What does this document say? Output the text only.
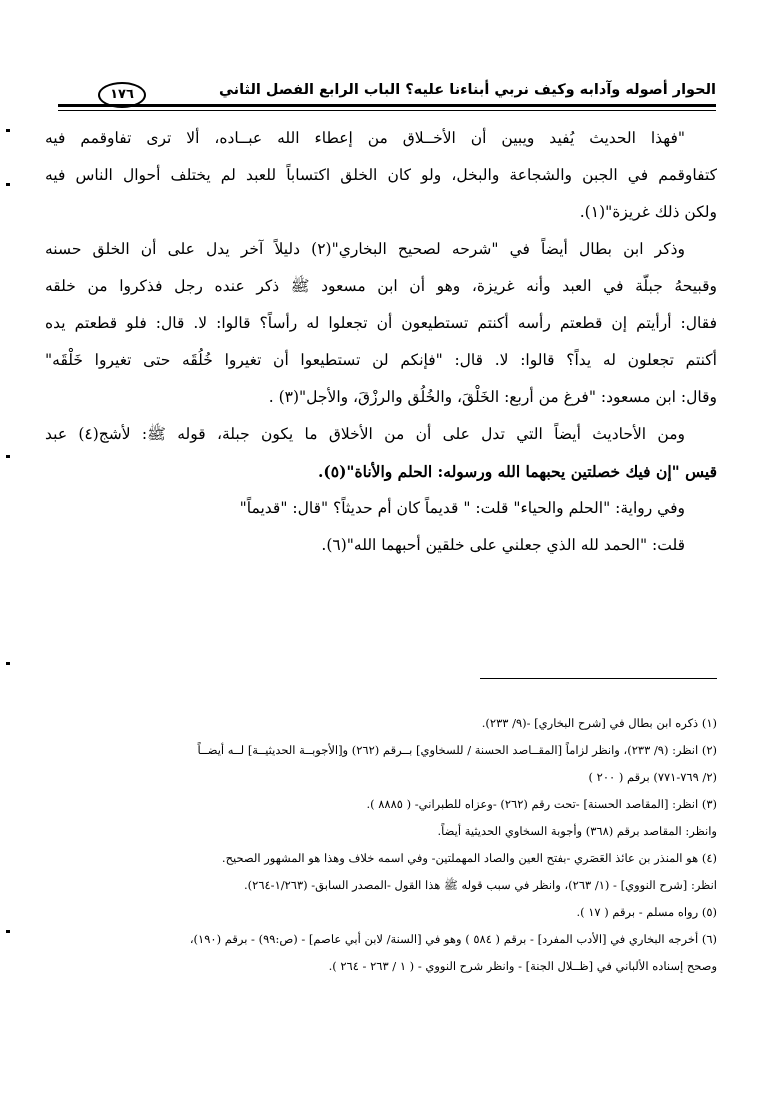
الحوار أصوله وآدابه وكيف نربي أبناءنا عليه؟ الباب الرابع الفصل الثاني
١٧٦
"فهذا الحديث يُفيد ويبين أن الأخــلاق من إعطاء الله عبــاده، ألا ترى تفاوقمم فيه
كتفاوقمم في الجبن والشجاعة والبخل، ولو كان الخلق اكتساباً للعبد لم يختلف أحوال الناس فيه
ولكن ذلك غريزة"(١).
وذكر ابن بطال أيضاً في "شرحه لصحيح البخاري"(٢) دليلاً آخر يدل على أن الخلق حسنه
وقبيحهُ جبلّة في العبد وأنه غريزة، وهو أن ابن مسعود ﷺ ذكر عنده رجل فذكروا من خلقه
فقال: أرأيتم إن قطعتم رأسه أكنتم تستطيعون أن تجعلوا له رأساً؟ قالوا: لا. قال: فلو قطعتم يده
أكنتم تجعلون له يداً؟ قالوا: لا. قال: "فإنكم لن تستطيعوا أن تغيروا خُلُقَه حتى تغيروا خَلْقَه"
وقال: ابن مسعود: "فرغ من أربع: الخَلْقَ، والخُلُق والرزْقَ، والأجل"(٣) .
ومن الأحاديث أيضاً التي تدل على أن من الأخلاق ما يكون جبلة، قوله ﷺ: لأشج(٤) عبد
قيس "إن فيك خصلتين يحبهما الله ورسوله: الحلم والأناة"(٥).
وفي رواية: "الحلم والحياء" قلت: " قديماً كان أم حديثاً؟ "قال: "قديماً"
قلت: "الحمد لله الذي جعلني على خلقين أحبهما الله"(٦).
(١) ذكره ابن بطال في [شرح البخاري] -(٩/ ٢٣٣).
(٢) انظر: (٩/ ٢٣٣)، وانظر لزاماً [المقــاصد الحسنة / للسخاوي] بــرقم (٢٦٢) و[الأجوبــة الحديثيــة] لــه أيضــاً
(٢/ ٧٦٩-٧٧١) برقم ( ٢٠٠ )
(٣) انظر: [المقاصد الحسنة] -تحت رقم (٢٦٢) -وعزاه للطبراني- ( ٨٨٨٥ ).
وانظر: المقاصد برقم (٣٦٨) وأجوبة السخاوي الحديثية أيضاً.
(٤) هو المنذر بن عائذ العَصَري -بفتح العين والصاد المهملتين- وفي اسمه خلاف وهذا هو المشهور الصحيح.
انظر: [شرح النووي] - (١/ ٢٦٣)، وانظر في سبب قوله ﷺ هذا القول -المصدر السابق- (١/٢٦٣-٢٦٤).
(٥) رواه مسلم - برقم ( ١٧ ).
(٦) أخرجه البخاري في [الأدب المفرد] - برقم ( ٥٨٤ ) وهو في [السنة/ لابن أبي عاصم] - (ص:٩٩) - برقم (١٩٠)،
وصحح إسناده الألباني في [ظــلال الجنة] - وانظر شرح النووي - ( ١ / ٢٦٣ - ٢٦٤ ).
